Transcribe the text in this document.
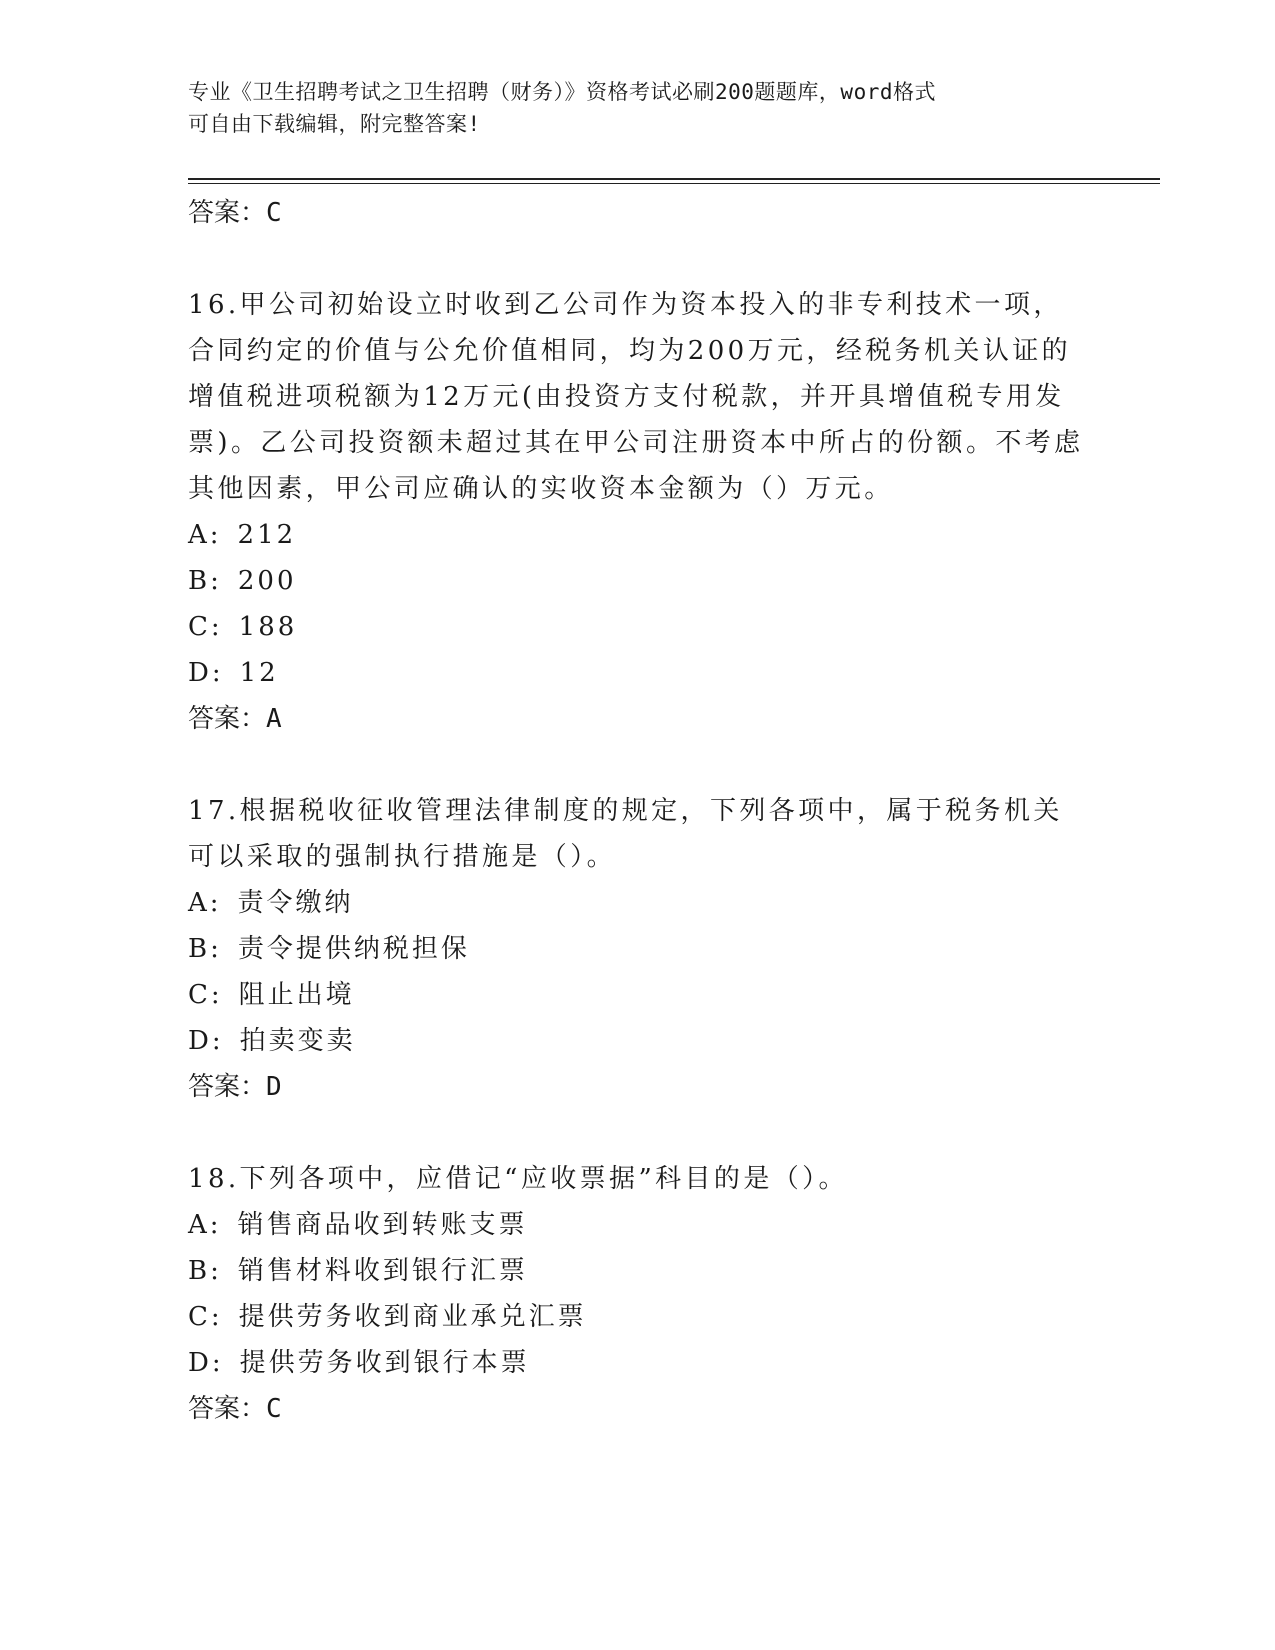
专业《卫生招聘考试之卫生招聘（财务）》资格考试必刷200题题库，word格式
可自由下载编辑，附完整答案!
答案：C

16.甲公司初始设立时收到乙公司作为资本投入的非专利技术一项，合同约定的价值与公允价值相同，均为200万元，经税务机关认证的增值税进项税额为12万元(由投资方支付税款，并开具增值税专用发票)。乙公司投资额未超过其在甲公司注册资本中所占的份额。不考虑其他因素，甲公司应确认的实收资本金额为（）万元。

A: 212
B: 200
C: 188
D: 12
答案：A

17.根据税收征收管理法律制度的规定，下列各项中，属于税务机关可以采取的强制执行措施是（）。

A: 责令缴纳
B: 责令提供纳税担保
C: 阻止出境
D: 拍卖变卖
答案：D

18.下列各项中，应借记“应收票据”科目的是（）。

A: 销售商品收到转账支票
B: 销售材料收到银行汇票
C: 提供劳务收到商业承兑汇票
D: 提供劳务收到银行本票
答案：C
